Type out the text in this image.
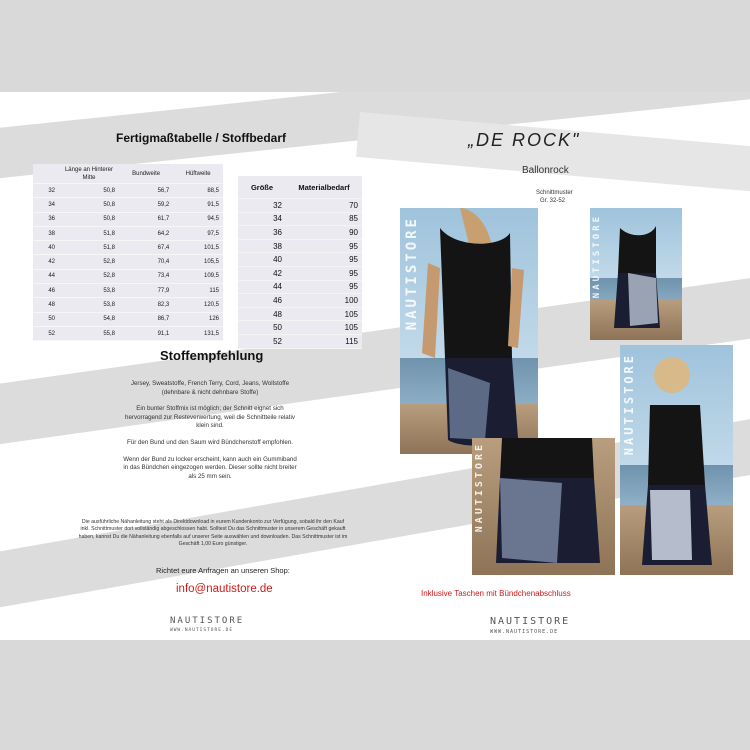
Fertigmaßtabelle / Stoffbedarf
	Länge an Hinterer Mitte	Bundweite	Hüftweite
32	50,8	56,7	88,5
34	50,8	59,2	91,5
36	50,8	61,7	94,5
38	51,8	64,2	97,5
40	51,8	67,4	101,5
42	52,8	70,4	105,5
44	52,8	73,4	109,5
46	53,8	77,9	115
48	53,8	82,3	120,5
50	54,8	86,7	126
52	55,8	91,1	131,5
Größe	Materialbedarf
32	70
34	85
36	90
38	95
40	95
42	95
44	95
46	100
48	105
50	105
52	115
Stoffempfehlung
Jersey, Sweatstoffe, French Terry, Cord, Jeans, Wollstoffe
(dehnbare & nicht dehnbare Stoffe)
Ein bunter Stoffmix ist möglich; der Schnitt eignet sich
hervorragend zur Resteverwertung, weil die Schnittteile relativ
klein sind.
Für den Bund und den Saum wird Bündchenstoff empfohlen.
Wenn der Bund zu locker erscheint, kann auch ein Gummiband
in das Bündchen eingezogen werden. Dieser sollte nicht breiter
als 25 mm sein.
Die ausführliche Nähanleitung steht als Direktdownload in eurem Kundenkonto zur Verfügung, sobald ihr den Kauf
inkl. Schnittmuster dort vollständig abgeschlossen habt. Solltest Du das Schnittmuster in unserem Geschäft gekauft
haben, kannst Du die Nähanleitung ebenfalls auf unserer Seite auswählen und downloaden. Das Schnittmuster ist im
Geschäft 1,00 Euro günstiger.
Richtet eure Anfragen an unseren Shop:
info@nautistore.de
NAUTISTORE
WWW.NAUTISTORE.DE
„DE ROCK"
Ballonrock
Schnittmuster
Gr. 32-52
NAUTISTORE	NAUTISTORE
NAUTISTORE
NAUTISTORE
Inklusive Taschen mit Bündchenabschluss
NAUTISTORE
WWW.NAUTISTORE.DE
